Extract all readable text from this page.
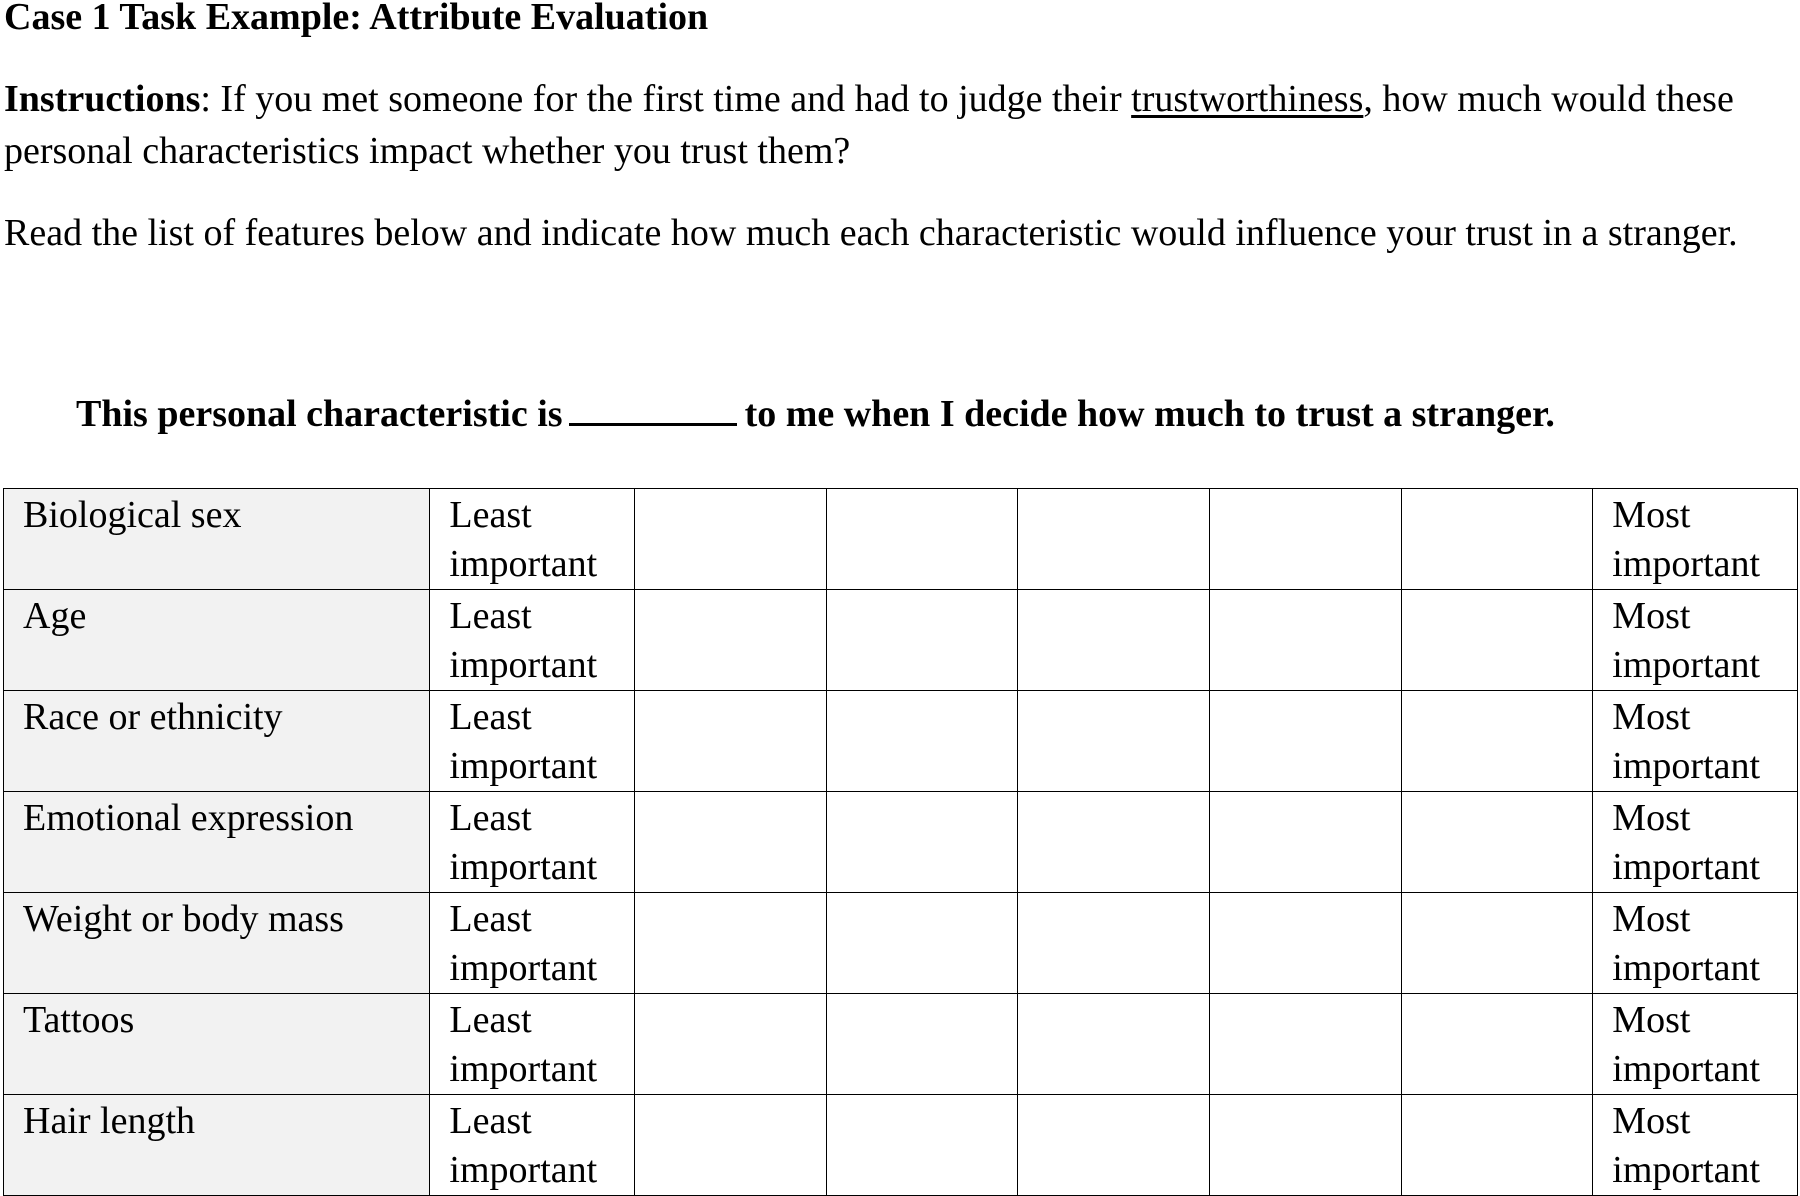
Case 1 Task Example: Attribute Evaluation
Instructions: If you met someone for the first time and had to judge their trustworthiness, how much would these personal characteristics impact whether you trust them?
Read the list of features below and indicate how much each characteristic would influence your trust in a stranger.
This personal characteristic is	to me when I decide how much to trust a stranger.
Biological sex	Least important						Most important
Age	Least important						Most important
Race or ethnicity	Least important						Most important
Emotional expression	Least important						Most important
Weight or body mass	Least important						Most important
Tattoos	Least important						Most important
Hair length	Least important						Most important
